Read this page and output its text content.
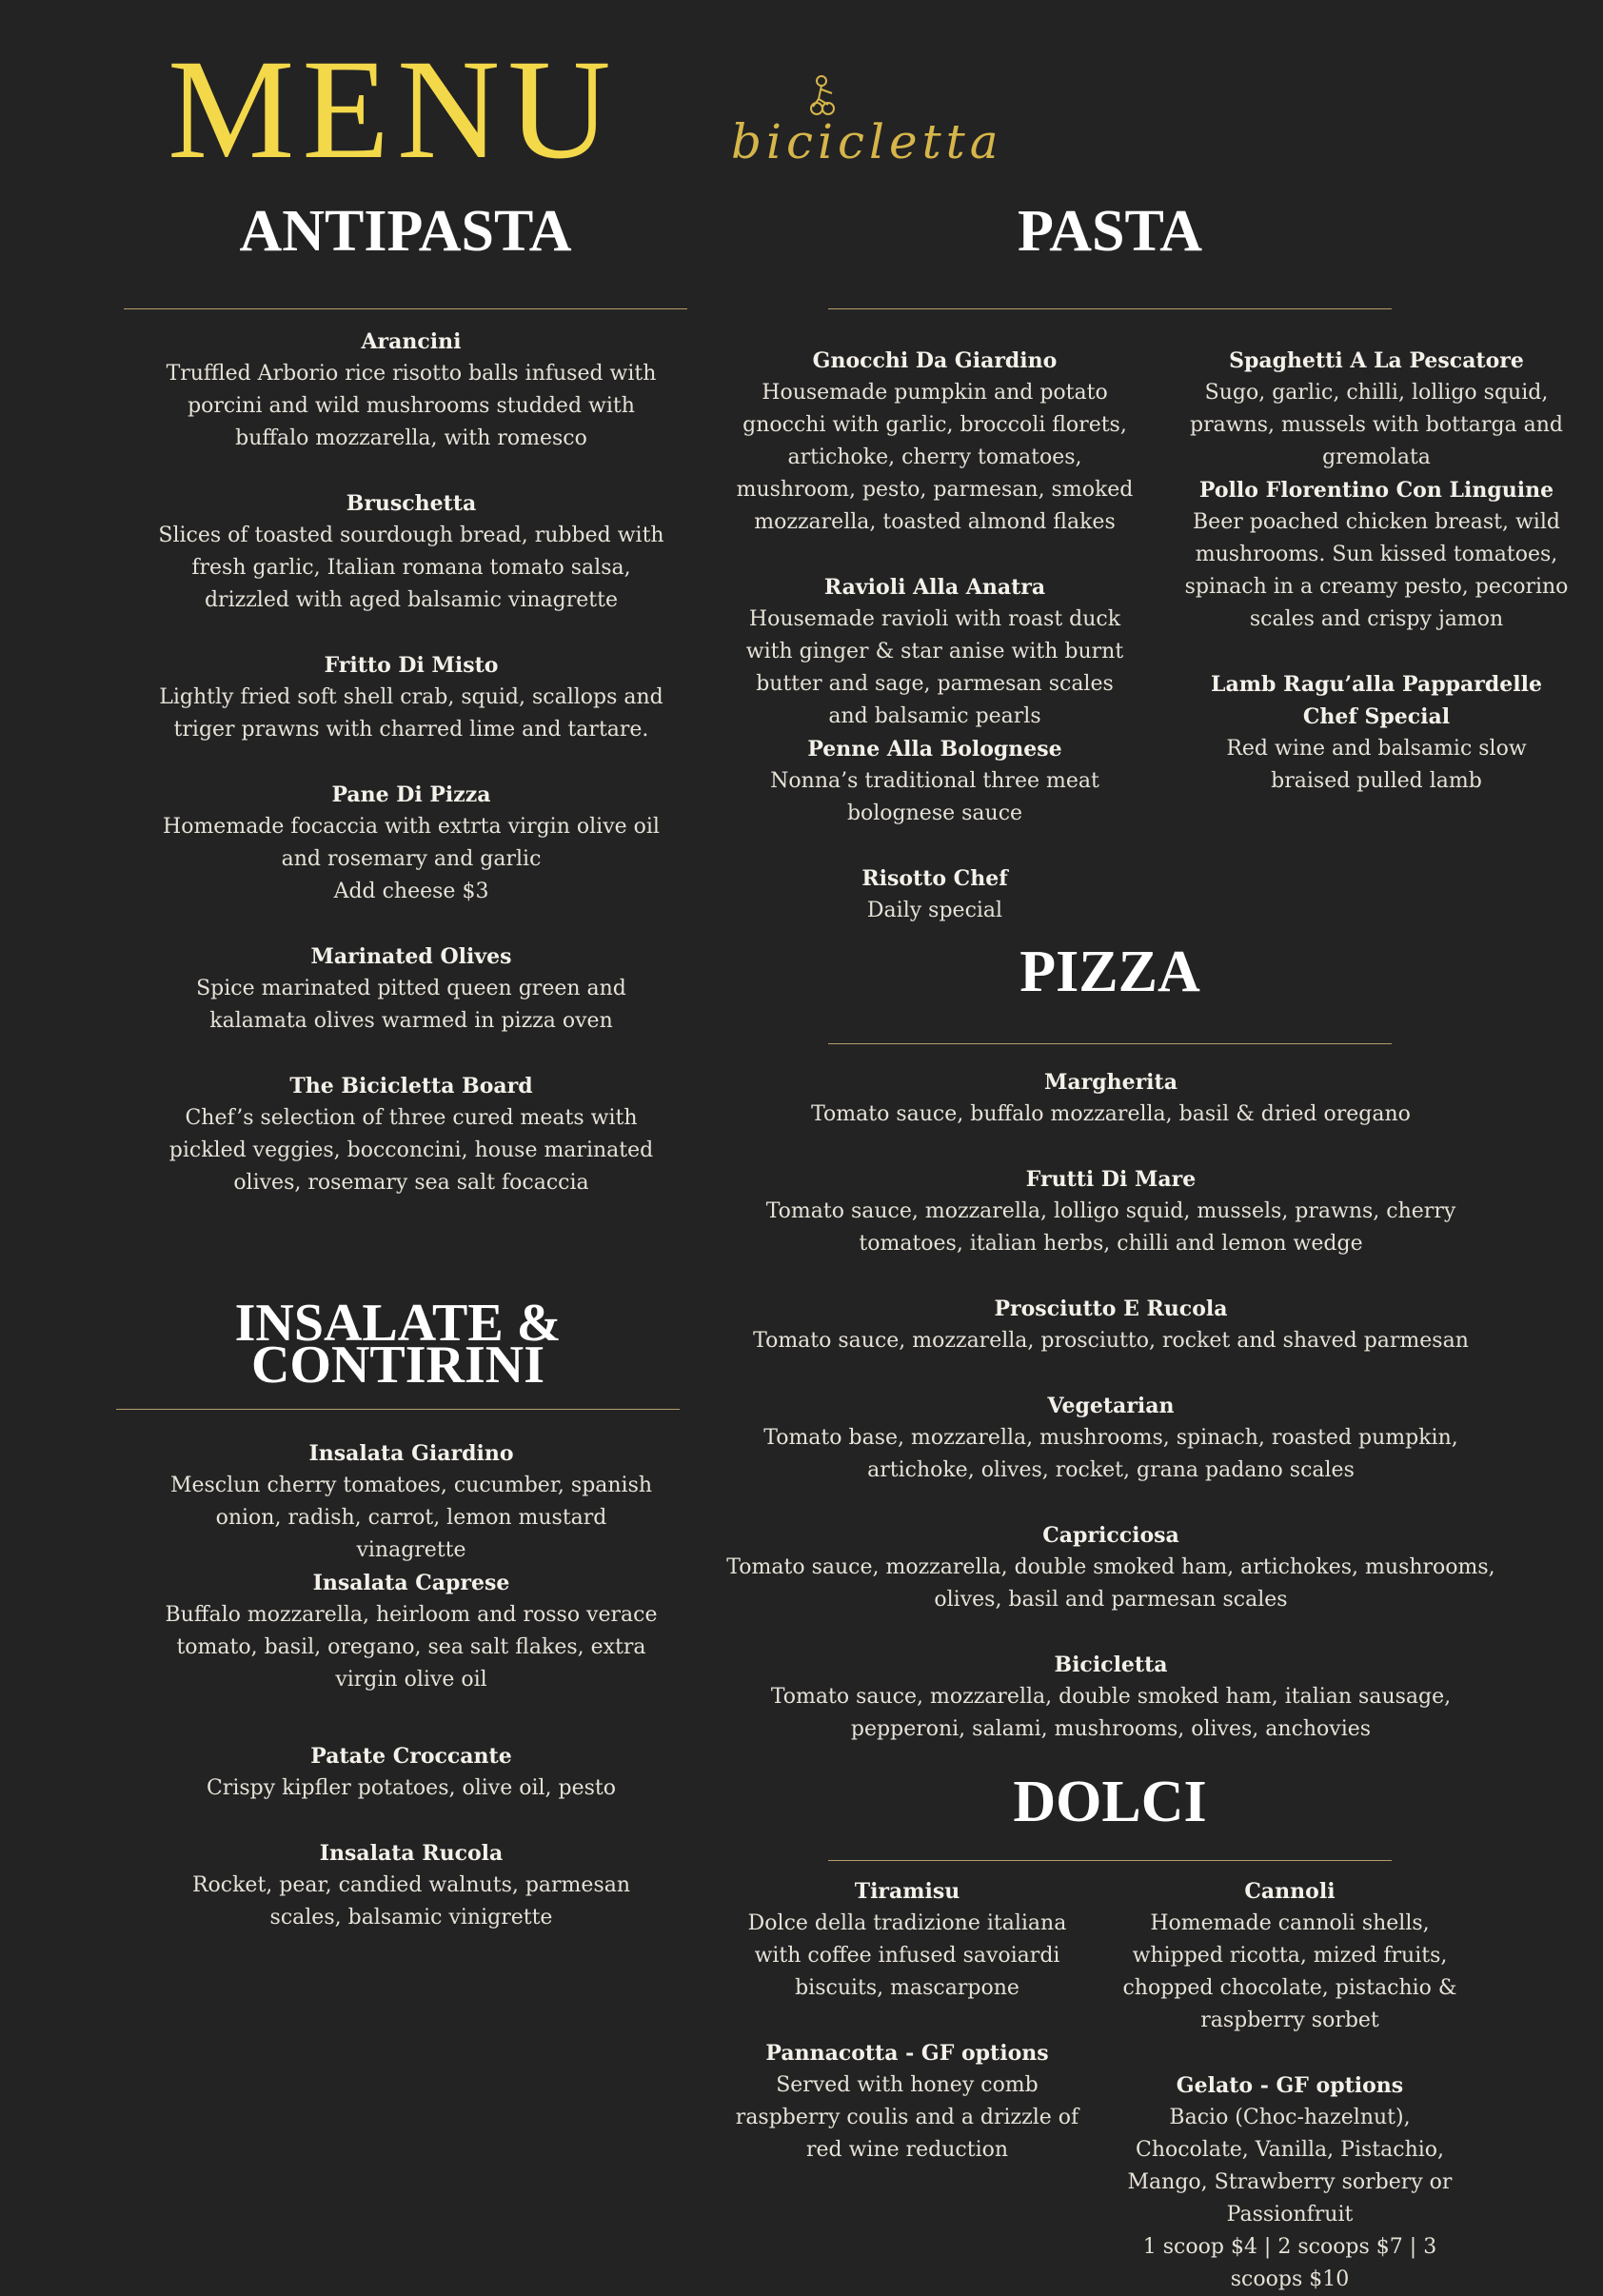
MENU bicicletta
ANTIPASTA
Arancini
Truffled Arborio rice risotto balls infused with porcini and wild mushrooms studded with buffalo mozzarella, with romesco
Bruschetta
Slices of toasted sourdough bread, rubbed with fresh garlic, Italian romana tomato salsa, drizzled with aged balsamic vinagrette
Fritto Di Misto
Lightly fried soft shell crab, squid, scallops and triger prawns with charred lime and tartare.
Pane Di Pizza
Homemade focaccia with extrta virgin olive oil and rosemary and garlic
Add cheese $3
Marinated Olives
Spice marinated pitted queen green and kalamata olives warmed in pizza oven
The Bicicletta Board
Chef’s selection of three cured meats with pickled veggies, bocconcini, house marinated olives, rosemary sea salt focaccia
INSALATE &
CONTIRINI
Insalata Giardino
Mesclun cherry tomatoes, cucumber, spanish onion, radish, carrot, lemon mustard vinagrette
Insalata Caprese
Buffalo mozzarella, heirloom and rosso verace tomato, basil, oregano, sea salt flakes, extra virgin olive oil
Patate Croccante
Crispy kipfler potatoes, olive oil, pesto
Insalata Rucola
Rocket, pear, candied walnuts, parmesan scales, balsamic vinigrette
PASTA
Gnocchi Da Giardino
Housemade pumpkin and potato gnocchi with garlic, broccoli florets, artichoke, cherry tomatoes, mushroom, pesto, parmesan, smoked mozzarella, toasted almond flakes
Ravioli Alla Anatra
Housemade ravioli with roast duck with ginger & star anise with burnt butter and sage, parmesan scales and balsamic pearls
Penne Alla Bolognese
Nonna’s traditional three meat bolognese sauce
Risotto Chef
Daily special
Spaghetti A La Pescatore
Sugo, garlic, chilli, lolligo squid, prawns, mussels with bottarga and gremolata
Pollo Florentino Con Linguine
Beer poached chicken breast, wild mushrooms. Sun kissed tomatoes, spinach in a creamy pesto, pecorino scales and crispy jamon
Lamb Ragu’alla Pappardelle Chef Special
Red wine and balsamic slow braised pulled lamb
PIZZA
Margherita
Tomato sauce, buffalo mozzarella, basil & dried oregano
Frutti Di Mare
Tomato sauce, mozzarella, lolligo squid, mussels, prawns, cherry tomatoes, italian herbs, chilli and lemon wedge
Prosciutto E Rucola
Tomato sauce, mozzarella, prosciutto, rocket and shaved parmesan
Vegetarian
Tomato base, mozzarella, mushrooms, spinach, roasted pumpkin, artichoke, olives, rocket, grana padano scales
Capricciosa
Tomato sauce, mozzarella, double smoked ham, artichokes, mushrooms, olives, basil and parmesan scales
Bicicletta
Tomato sauce, mozzarella, double smoked ham, italian sausage, pepperoni, salami, mushrooms, olives, anchovies
DOLCI
Tiramisu
Dolce della tradizione italiana with coffee infused savoiardi biscuits, mascarpone
Pannacotta - GF options
Served with honey comb raspberry coulis and a drizzle of red wine reduction
Cannoli
Homemade cannoli shells, whipped ricotta, mized fruits, chopped chocolate, pistachio & raspberry sorbet
Gelato - GF options
Bacio (Choc-hazelnut), Chocolate, Vanilla, Pistachio, Mango, Strawberry sorbery or Passionfruit
1 scoop $4 | 2 scoops $7 | 3 scoops $10
